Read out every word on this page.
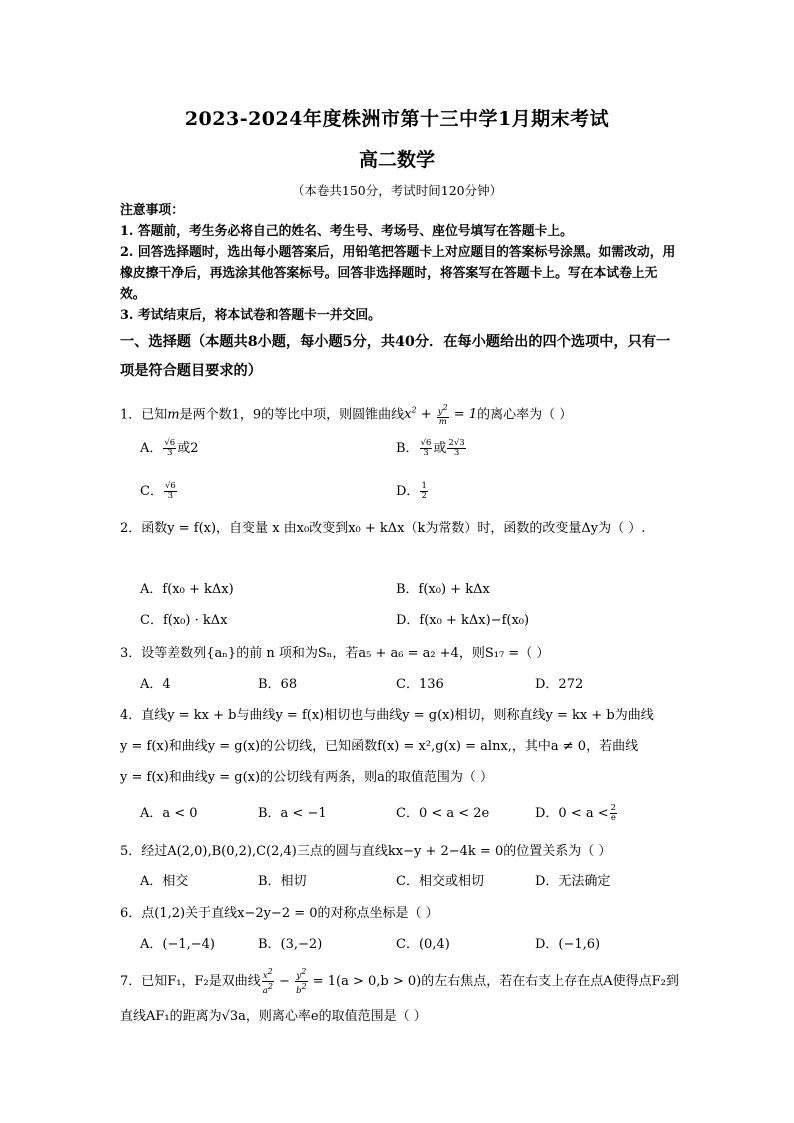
2023-2024年度株洲市第十三中学1月期末考试
高二数学
（本卷共150分，考试时间120分钟）
注意事项：
1. 答题前，考生务必将自己的姓名、考生号、考场号、座位号填写在答题卡上。
2. 回答选择题时，选出每小题答案后，用铅笔把答题卡上对应题目的答案标号涂黑。如需改动，用橡皮擦干净后，再选涂其他答案标号。回答非选择题时，将答案写在答题卡上。写在本试卷上无效。
3. 考试结束后，将本试卷和答题卡一并交回。
一、选择题（本题共8小题，每小题5分，共40分．在每小题给出的四个选项中，只有一项是符合题目要求的）
1．已知m是两个数1，9的等比中项，则圆锥曲线$x^2 + \frac{y^2}{m} = 1$的离心率为（ ）
A． $\frac{√6}{3}$ 或2	B． $\frac{√6}{3}$ 或 $\frac{2√3}{3}$
C． $\frac{√6}{3}$	D． $\frac{1}{2}$
2．函数y = f(x)，自变量 x 由x₀改变到x₀ + kΔx（k为常数）时，函数的改变量Δy为（ ）.
A．f(x₀ + kΔx)	B．f(x₀) + kΔx
C．f(x₀) · kΔx	D．f(x₀ + kΔx)−f(x₀)
3．设等差数列{aₙ}的前 n 项和为Sₙ，若a₅ + a₆ = a₂ +4，则S₁₇ =（ ）
A．4	B．68	C．136	D．272
4．直线y = kx + b与曲线y = f(x)相切也与曲线y = g(x)相切，则称直线y = kx + b为曲线
y = f(x)和曲线y = g(x)的公切线，已知函数f(x) = x²,g(x) = alnx,，其中a ≠ 0，若曲线
y = f(x)和曲线y = g(x)的公切线有两条，则a的取值范围为（ ）
A．a < 0	B．a < −1	C．0 < a < 2e	D．$0 < a < \frac{2}{e}$
5．经过A(2,0),B(0,2),C(2,4)三点的圆与直线kx−y + 2−4k = 0的位置关系为（ ）
A．相交	B．相切	C．相交或相切	D．无法确定
6．点(1,2)关于直线x−2y−2 = 0的对称点坐标是（ ）
A．(−1,−4)	B．(3,−2)	C．(0,4)	D．(−1,6)
7．已知F₁，F₂是双曲线 $\frac{x^2}{a^2} - \frac{y^2}{b^2} = 1(a > 0,b > 0)$的左右焦点，若在右支上存在点A使得点F₂到
直线AF₁的距离为√3a，则离心率e的取值范围是（ ）
